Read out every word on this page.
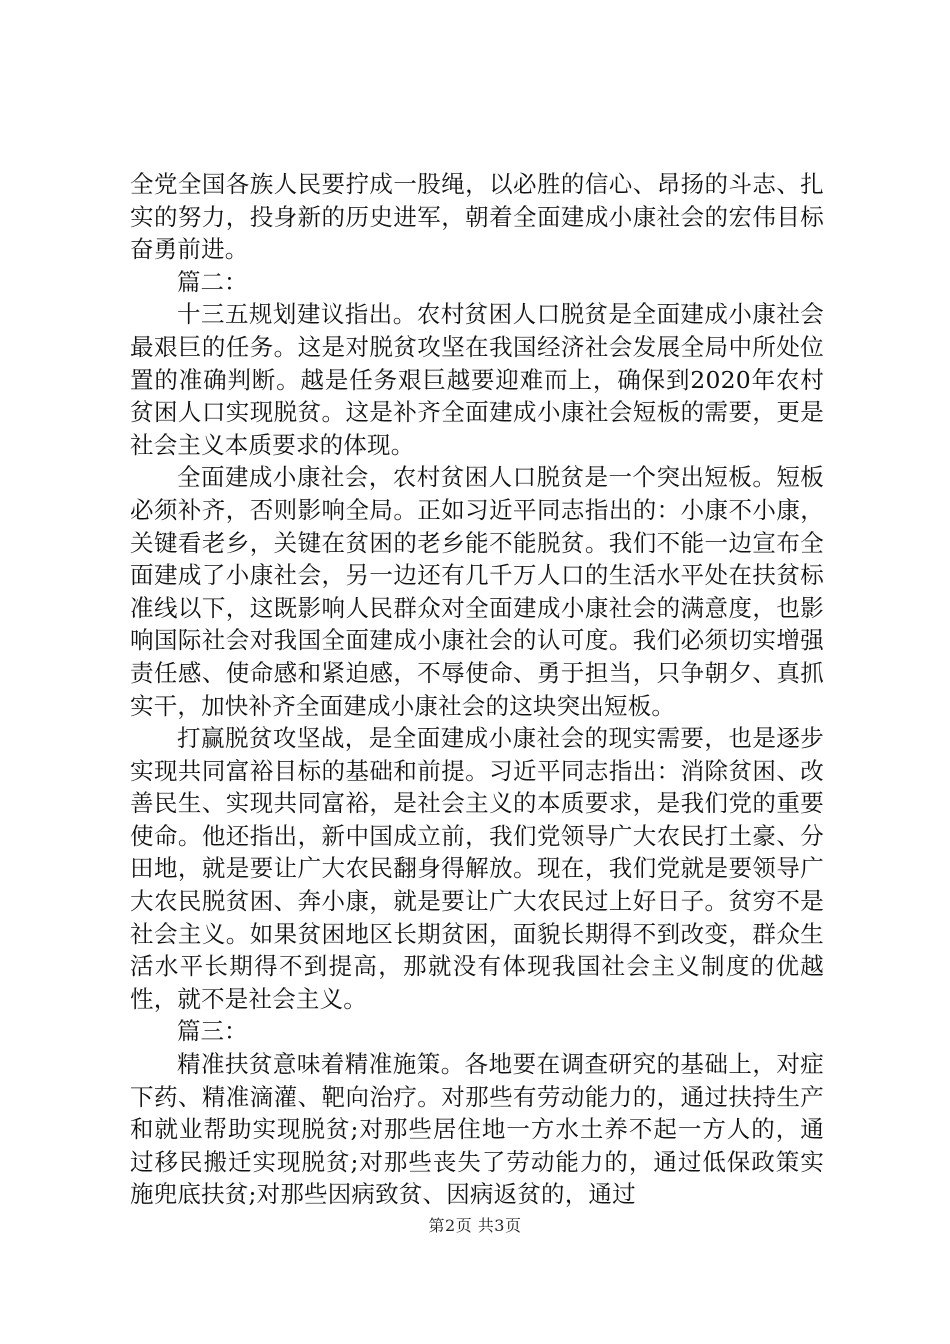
全党全国各族人民要拧成一股绳，以必胜的信心、昂扬的斗志、扎实的努力，投身新的历史进军，朝着全面建成小康社会的宏伟目标奋勇前进。

篇二：

十三五规划建议指出。农村贫困人口脱贫是全面建成小康社会最艰巨的任务。这是对脱贫攻坚在我国经济社会发展全局中所处位置的准确判断。越是任务艰巨越要迎难而上，确保到2020年农村贫困人口实现脱贫。这是补齐全面建成小康社会短板的需要，更是社会主义本质要求的体现。

全面建成小康社会，农村贫困人口脱贫是一个突出短板。短板必须补齐，否则影响全局。正如习近平同志指出的：小康不小康，关键看老乡，关键在贫困的老乡能不能脱贫。我们不能一边宣布全面建成了小康社会，另一边还有几千万人口的生活水平处在扶贫标准线以下，这既影响人民群众对全面建成小康社会的满意度，也影响国际社会对我国全面建成小康社会的认可度。我们必须切实增强责任感、使命感和紧迫感，不辱使命、勇于担当，只争朝夕、真抓实干，加快补齐全面建成小康社会的这块突出短板。

打赢脱贫攻坚战，是全面建成小康社会的现实需要，也是逐步实现共同富裕目标的基础和前提。习近平同志指出：消除贫困、改善民生、实现共同富裕，是社会主义的本质要求，是我们党的重要使命。他还指出，新中国成立前，我们党领导广大农民打土豪、分田地，就是要让广大农民翻身得解放。现在，我们党就是要领导广大农民脱贫困、奔小康，就是要让广大农民过上好日子。贫穷不是社会主义。如果贫困地区长期贫困，面貌长期得不到改变，群众生活水平长期得不到提高，那就没有体现我国社会主义制度的优越性，就不是社会主义。

篇三：

精准扶贫意味着精准施策。各地要在调查研究的基础上，对症下药、精准滴灌、靶向治疗。对那些有劳动能力的，通过扶持生产和就业帮助实现脱贫;对那些居住地一方水土养不起一方人的，通过移民搬迁实现脱贫;对那些丧失了劳动能力的，通过低保政策实施兜底扶贫;对那些因病致贫、因病返贫的，通过

第2页 共3页
